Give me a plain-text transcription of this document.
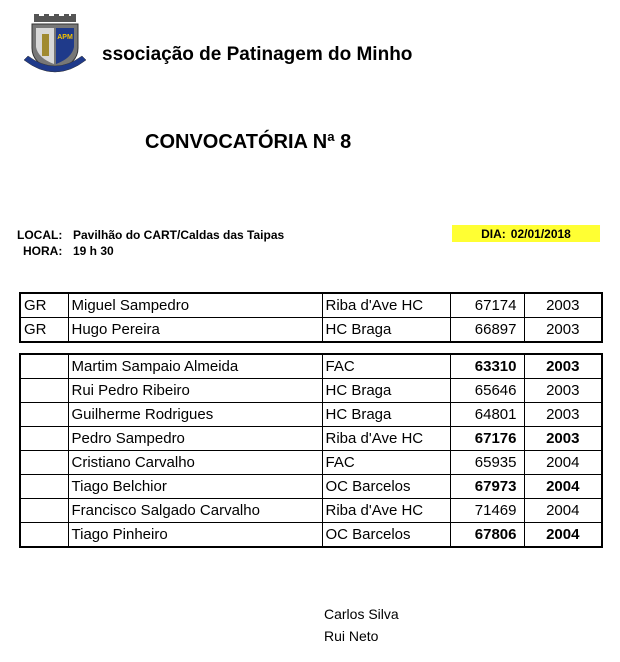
APM
ssociação de Patinagem do Minho
CONVOCATÓRIA Nª 8
LOCAL: Pavilhão do CART/Caldas das Taipas
HORA: 19 h 30
DIA: 02/01/2018
GR	Miguel Sampedro	Riba d'Ave HC	67174	2003
GR	Hugo Pereira	HC Braga	66897	2003
	Martim Sampaio Almeida	FAC	63310	2003
	Rui Pedro Ribeiro	HC Braga	65646	2003
	Guilherme Rodrigues	HC Braga	64801	2003
	Pedro Sampedro	Riba d'Ave HC	67176	2003
	Cristiano Carvalho	FAC	65935	2004
	Tiago Belchior	OC Barcelos	67973	2004
	Francisco Salgado Carvalho	Riba d'Ave HC	71469	2004
	Tiago Pinheiro	OC Barcelos	67806	2004
Carlos Silva
Rui Neto
